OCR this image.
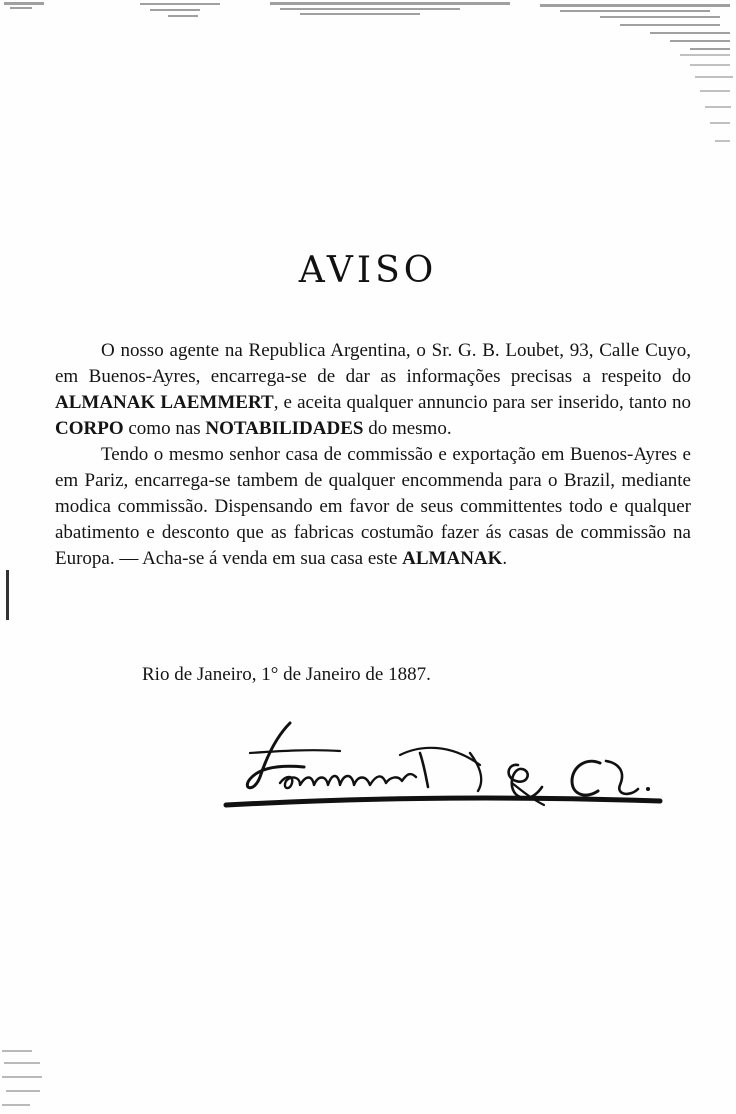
AVISO

O nosso agente na Republica Argentina, o Sr. G. B. Loubet, 93, Calle Cuyo, em Buenos-Ayres, encarrega-se de dar as informações precisas a respeito do ALMANAK LAEMMERT, e aceita qualquer annuncio para ser inserido, tanto no CORPO como nas NOTABILIDADES do mesmo.

Tendo o mesmo senhor casa de commissão e exportação em Buenos-Ayres e em Pariz, encarrega-se tambem de qualquer encommenda para o Brazil, mediante modica commissão. Dispensando em favor de seus committentes todo e qualquer abatimento e desconto que as fabricas costumão fazer ás casas de commissão na Europa. — Acha-se á venda em sua casa este ALMANAK.

Rio de Janeiro, 1° de Janeiro de 1887.
